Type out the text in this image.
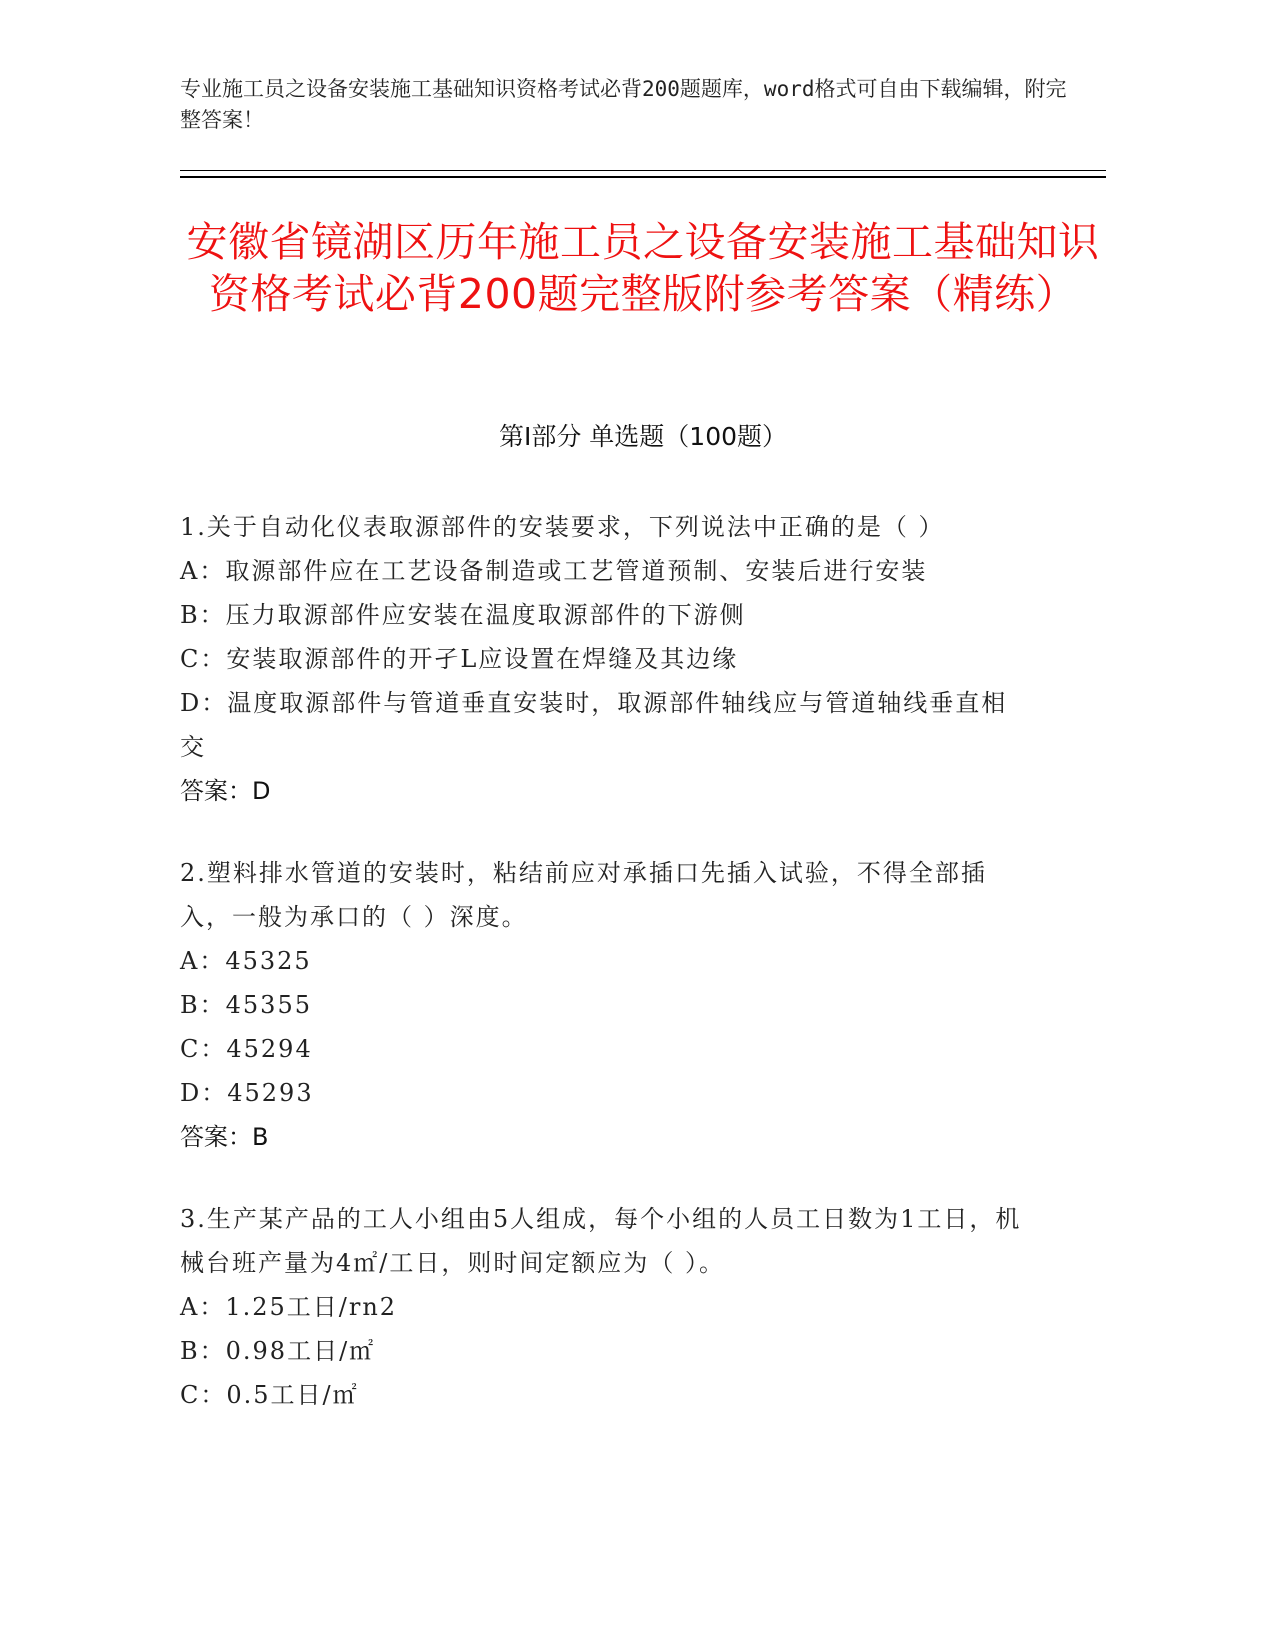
专业施工员之设备安装施工基础知识资格考试必背200题题库，word格式可自由下载编辑，附完整答案！
安徽省镜湖区历年施工员之设备安装施工基础知识资格考试必背200题完整版附参考答案（精练）
第I部分 单选题（100题）
1.关于自动化仪表取源部件的安装要求，下列说法中正确的是（ ）
A：取源部件应在工艺设备制造或工艺管道预制、安装后进行安装
B：压力取源部件应安装在温度取源部件的下游侧
C：安装取源部件的开孑L应设置在焊缝及其边缘
D：温度取源部件与管道垂直安装时，取源部件轴线应与管道轴线垂直相交
答案：D
2.塑料排水管道的安装时，粘结前应对承插口先插入试验，不得全部插入，一般为承口的（ ）深度。
A：45325
B：45355
C：45294
D：45293
答案：B
3.生产某产品的工人小组由5人组成，每个小组的人员工日数为1工日，机械台班产量为4㎡/工日，则时间定额应为（ ）。
A：1.25工日/rn2
B：0.98工日/㎡
C：0.5工日/㎡
